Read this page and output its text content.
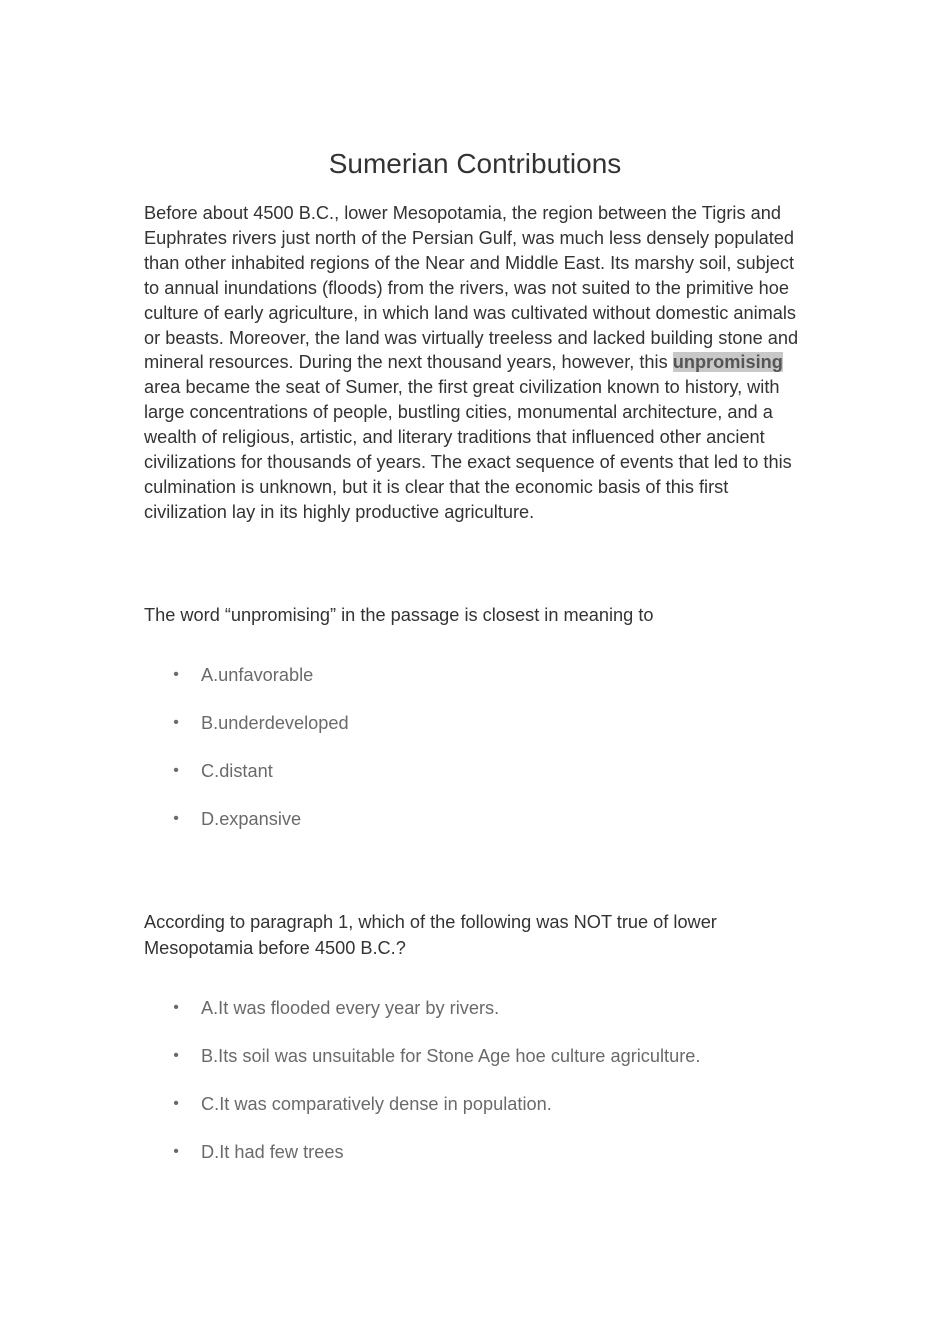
Sumerian Contributions

Before about 4500 B.C., lower Mesopotamia, the region between the Tigris and Euphrates rivers just north of the Persian Gulf, was much less densely populated than other inhabited regions of the Near and Middle East. Its marshy soil, subject to annual inundations (floods) from the rivers, was not suited to the primitive hoe culture of early agriculture, in which land was cultivated without domestic animals or beasts. Moreover, the land was virtually treeless and lacked building stone and mineral resources. During the next thousand years, however, this unpromising area became the seat of Sumer, the first great civilization known to history, with large concentrations of people, bustling cities, monumental architecture, and a wealth of religious, artistic, and literary traditions that influenced other ancient civilizations for thousands of years. The exact sequence of events that led to this culmination is unknown, but it is clear that the economic basis of this first civilization lay in its highly productive agriculture.

The word “unpromising” in the passage is closest in meaning to

• A.unfavorable
• B.underdeveloped
• C.distant
• D.expansive

According to paragraph 1, which of the following was NOT true of lower Mesopotamia before 4500 B.C.?

• A.It was flooded every year by rivers.
• B.Its soil was unsuitable for Stone Age hoe culture agriculture.
• C.It was comparatively dense in population.
• D.It had few trees
